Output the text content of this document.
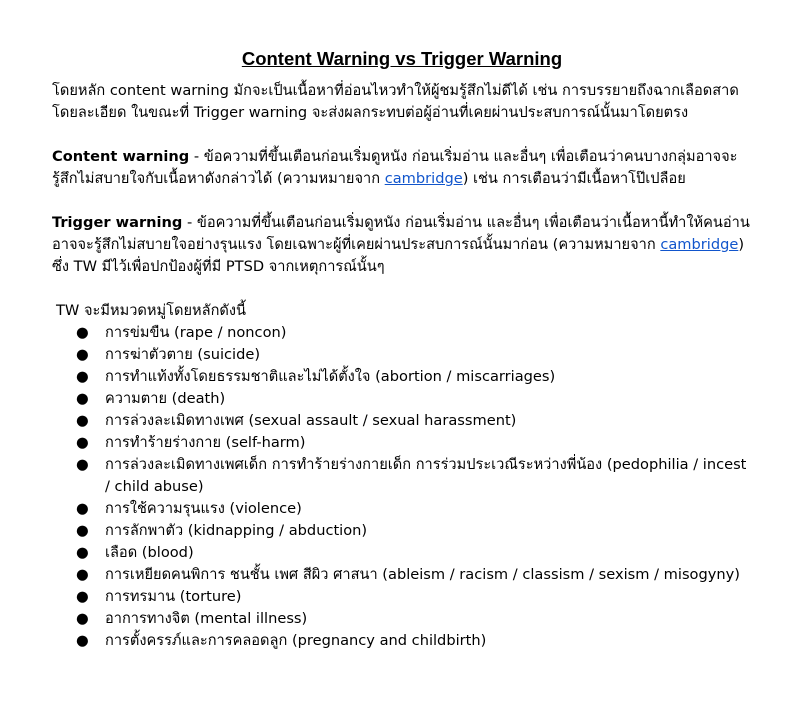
Content Warning vs Trigger Warning

โดยหลัก content warning มักจะเป็นเนื้อหาที่อ่อนไหวทำให้ผู้ชมรู้สึกไม่ดีได้ เช่น การบรรยายถึงฉากเลือดสาดโดยละเอียด ในขณะที่ Trigger warning จะส่งผลกระทบต่อผู้อ่านที่เคยผ่านประสบการณ์นั้นมาโดยตรง

Content warning - ข้อความที่ขึ้นเตือนก่อนเริ่มดูหนัง ก่อนเริ่มอ่าน และอื่นๆ เพื่อเตือนว่าคนบางกลุ่มอาจจะรู้สึกไม่สบายใจกับเนื้อหาดังกล่าวได้ (ความหมายจาก cambridge) เช่น การเตือนว่ามีเนื้อหาโป๊เปลือย

Trigger warning - ข้อความที่ขึ้นเตือนก่อนเริ่มดูหนัง ก่อนเริ่มอ่าน และอื่นๆ เพื่อเตือนว่าเนื้อหานี้ทำให้คนอ่านอาจจะรู้สึกไม่สบายใจอย่างรุนแรง โดยเฉพาะผู้ที่เคยผ่านประสบการณ์นั้นมาก่อน (ความหมายจาก cambridge) ซึ่ง TW มีไว้เพื่อปกป้องผู้ที่มี PTSD จากเหตุการณ์นั้นๆ

TW จะมีหมวดหมู่โดยหลักดังนี้

● การข่มขืน (rape / noncon)
● การฆ่าตัวตาย (suicide)
● การทำแท้งทั้งโดยธรรมชาติและไม่ได้ตั้งใจ (abortion / miscarriages)
● ความตาย (death)
● การล่วงละเมิดทางเพศ (sexual assault / sexual harassment)
● การทำร้ายร่างกาย (self-harm)
● การล่วงละเมิดทางเพศเด็ก การทำร้ายร่างกายเด็ก การร่วมประเวณีระหว่างพี่น้อง (pedophilia / incest / child abuse)
● การใช้ความรุนแรง (violence)
● การลักพาตัว (kidnapping / abduction)
● เลือด (blood)
● การเหยียดคนพิการ ชนชั้น เพศ สีผิว ศาสนา (ableism / racism / classism / sexism / misogyny)
● การทรมาน (torture)
● อาการทางจิต (mental illness)
● การตั้งครรภ์และการคลอดลูก (pregnancy and childbirth)
